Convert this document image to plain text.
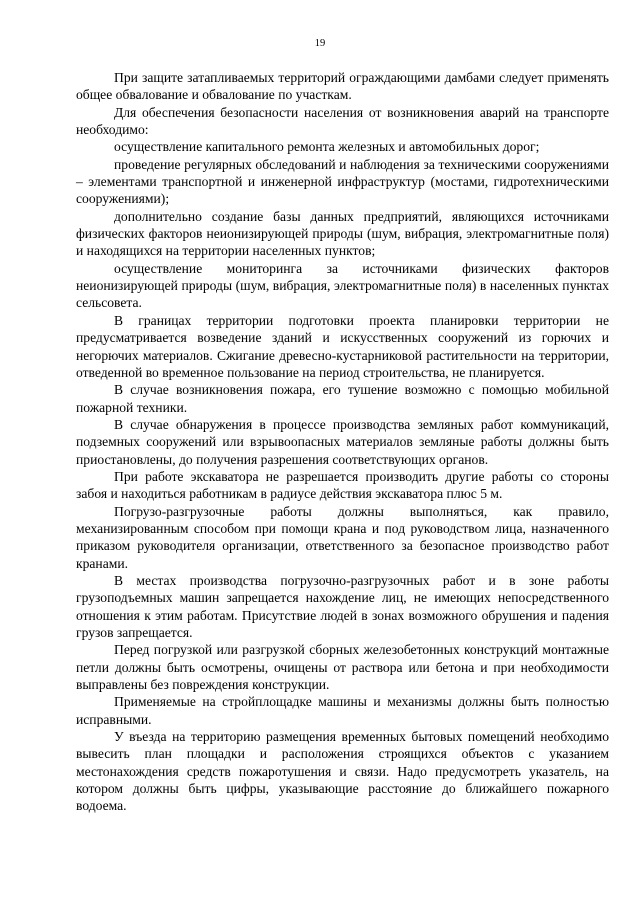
19

При защите затапливаемых территорий ограждающими дамбами следует применять общее обвалование и обвалование по участкам.

Для обеспечения безопасности населения от возникновения аварий на транспорте необходимо:

осуществление капитального ремонта железных и автомобильных дорог;

проведение регулярных обследований и наблюдения за техническими сооружениями – элементами транспортной и инженерной инфраструктур (мостами, гидротехническими сооружениями);

дополнительно создание базы данных предприятий, являющихся источниками физических факторов неионизирующей природы (шум, вибрация, электромагнитные поля) и находящихся на территории населенных пунктов;

осуществление мониторинга за источниками физических факторов неионизирующей природы (шум, вибрация, электромагнитные поля) в населенных пунктах сельсовета.

В границах территории подготовки проекта планировки территории не предусматривается возведение зданий и искусственных сооружений из горючих и негорючих материалов. Сжигание древесно-кустарниковой растительности на территории, отведенной во временное пользование на период строительства, не планируется.

В случае возникновения пожара, его тушение возможно с помощью мобильной пожарной техники.

В случае обнаружения в процессе производства земляных работ коммуникаций, подземных сооружений или взрывоопасных материалов земляные работы должны быть приостановлены, до получения разрешения соответствующих органов.

При работе экскаватора не разрешается производить другие работы со стороны забоя и находиться работникам в радиусе действия экскаватора плюс 5 м.

Погрузо-разгрузочные работы должны выполняться, как правило, механизированным способом при помощи крана и под руководством лица, назначенного приказом руководителя организации, ответственного за безопасное производство работ кранами.

В местах производства погрузочно-разгрузочных работ и в зоне работы грузоподъемных машин запрещается нахождение лиц, не имеющих непосредственного отношения к этим работам. Присутствие людей в зонах возможного обрушения и падения грузов запрещается.

Перед погрузкой или разгрузкой сборных железобетонных конструкций монтажные петли должны быть осмотрены, очищены от раствора или бетона и при необходимости выправлены без повреждения конструкции.

Применяемые на стройплощадке машины и механизмы должны быть полностью исправными.

У въезда на территорию размещения временных бытовых помещений необходимо вывесить план площадки и расположения строящихся объектов с указанием местонахождения средств пожаротушения и связи. Надо предусмотреть указатель, на котором должны быть цифры, указывающие расстояние до ближайшего пожарного водоема.
